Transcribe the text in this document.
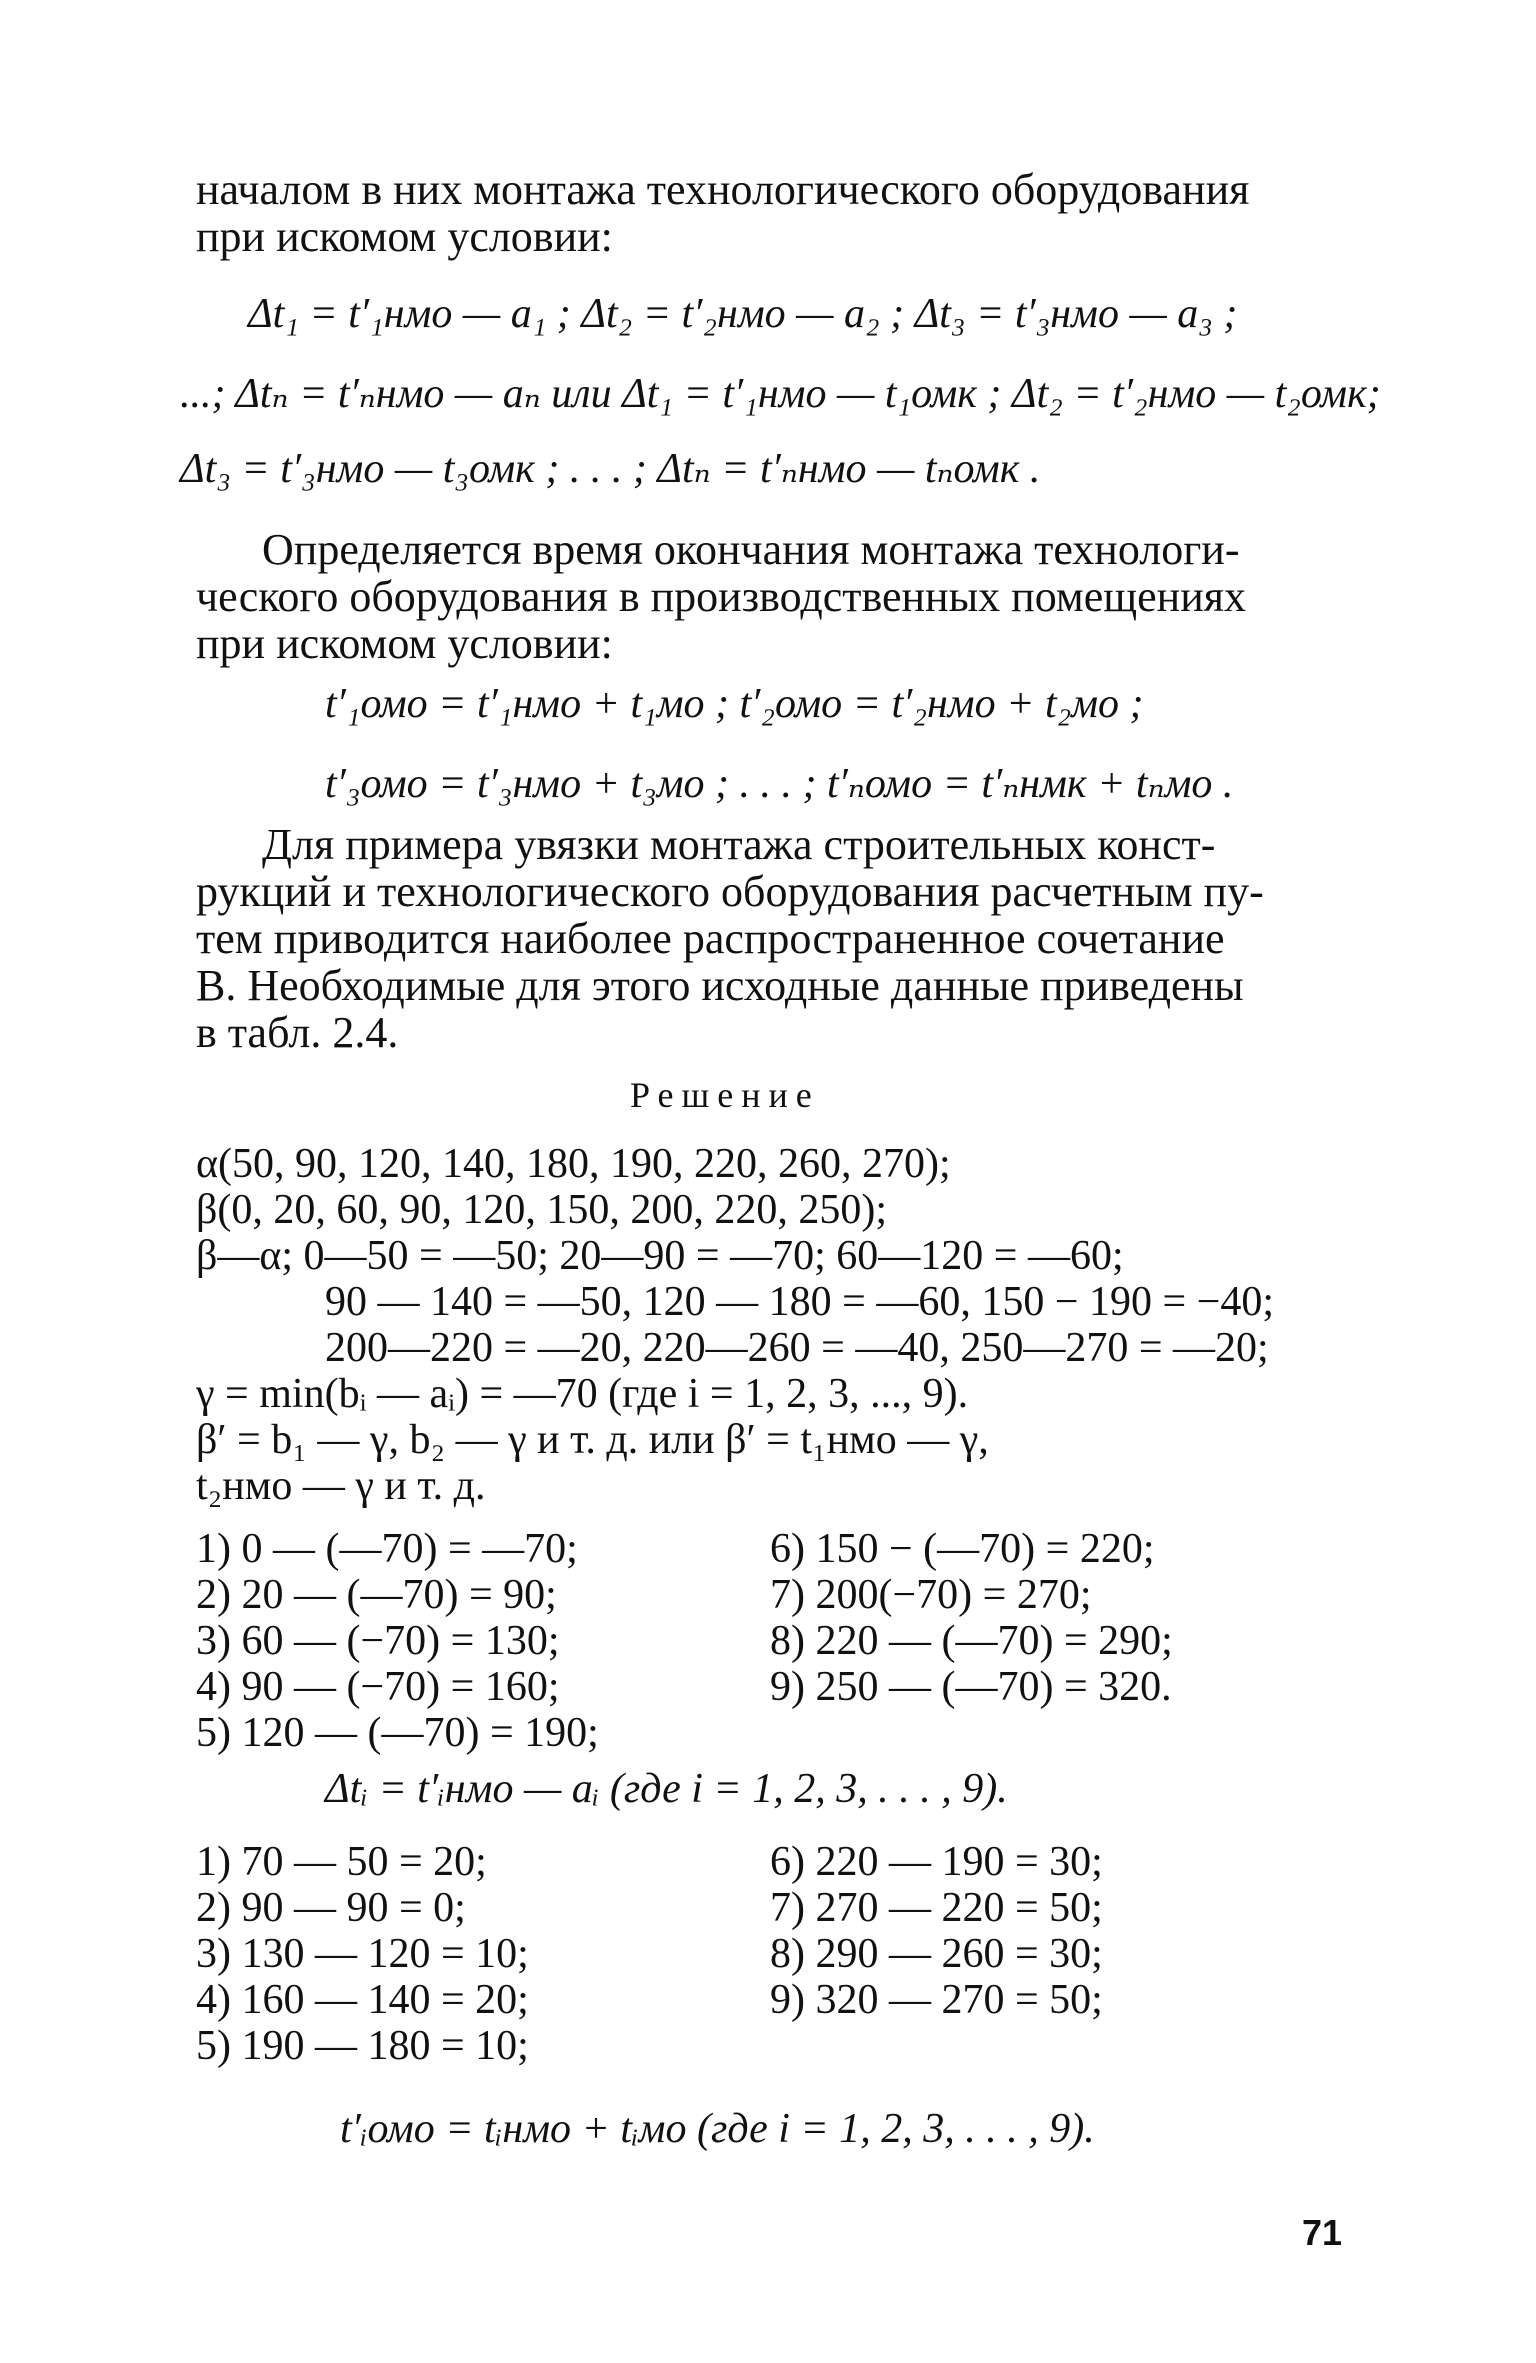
началом в них монтажа технологического оборудования
при искомом условии:
Δt₁ = t′₁нмо — a₁ ; Δt₂ = t′₂нмо — a₂ ; Δt₃ = t′₃нмо — a₃ ;
...; Δtₙ = t′ₙнмо — aₙ или Δt₁ = t′₁нмо — t₁омк ; Δt₂ = t′₂нмо — t₂омк;
Δt₃ = t′₃нмо — t₃омк ; . . . ; Δtₙ = t′ₙнмо — tₙомк .
Определяется время окончания монтажа технологи-
ческого оборудования в производственных помещениях
при искомом условии:
t′₁омо = t′₁нмо + t₁мо ; t′₂омо = t′₂нмо + t₂мо ;
t′₃омо = t′₃нмо + t₃мо ; . . . ; t′ₙомо = t′ₙнмк + tₙмо .
Для примера увязки монтажа строительных конст-
рукций и технологического оборудования расчетным пу-
тем приводится наиболее распространенное сочетание
В. Необходимые для этого исходные данные приведены
в табл. 2.4.
Решение
α(50, 90, 120, 140, 180, 190, 220, 260, 270);
β(0, 20, 60, 90, 120, 150, 200, 220, 250);
β—α; 0—50 = —50; 20—90 = —70; 60—120 = —60;
90 — 140 = —50, 120 — 180 = —60, 150 − 190 = −40;
200—220 = —20, 220—260 = —40, 250—270 = —20;
γ = min(bᵢ — aᵢ) = —70 (где i = 1, 2, 3, ..., 9).
β′ = b₁ — γ, b₂ — γ и т. д. или β′ = t₁нмо — γ,
t₂нмо — γ и т. д.
1) 0 — (—70) = —70;
2) 20 — (—70) = 90;
3) 60 — (−70) = 130;
4) 90 — (−70) = 160;
5) 120 — (—70) = 190;
6) 150 − (—70) = 220;
7) 200(−70) = 270;
8) 220 — (—70) = 290;
9) 250 — (—70) = 320.
Δtᵢ = t′ᵢнмо — aᵢ (где i = 1, 2, 3, . . . , 9).
1) 70 — 50 = 20;
2) 90 — 90 = 0;
3) 130 — 120 = 10;
4) 160 — 140 = 20;
5) 190 — 180 = 10;
6) 220 — 190 = 30;
7) 270 — 220 = 50;
8) 290 — 260 = 30;
9) 320 — 270 = 50;
t′ᵢомо = tᵢнмо + tᵢмо (где i = 1, 2, 3, . . . , 9).
71
